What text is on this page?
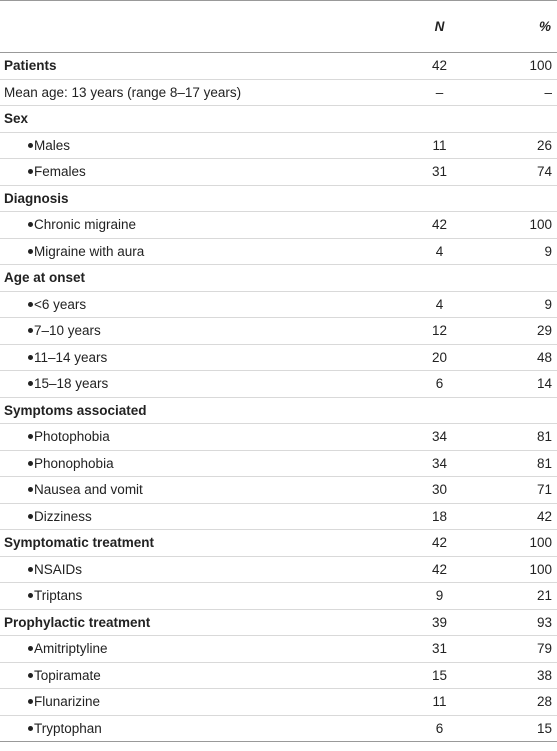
	N	%
Patients	42	100
Mean age: 13 years (range 8–17 years)	–	–
Sex		
Males	11	26
Females	31	74
Diagnosis		
Chronic migraine	42	100
Migraine with aura	4	9
Age at onset		
<6 years	4	9
7–10 years	12	29
11–14 years	20	48
15–18 years	6	14
Symptoms associated		
Photophobia	34	81
Phonophobia	34	81
Nausea and vomit	30	71
Dizziness	18	42
Symptomatic treatment	42	100
NSAIDs	42	100
Triptans	9	21
Prophylactic treatment	39	93
Amitriptyline	31	79
Topiramate	15	38
Flunarizine	11	28
Tryptophan	6	15
